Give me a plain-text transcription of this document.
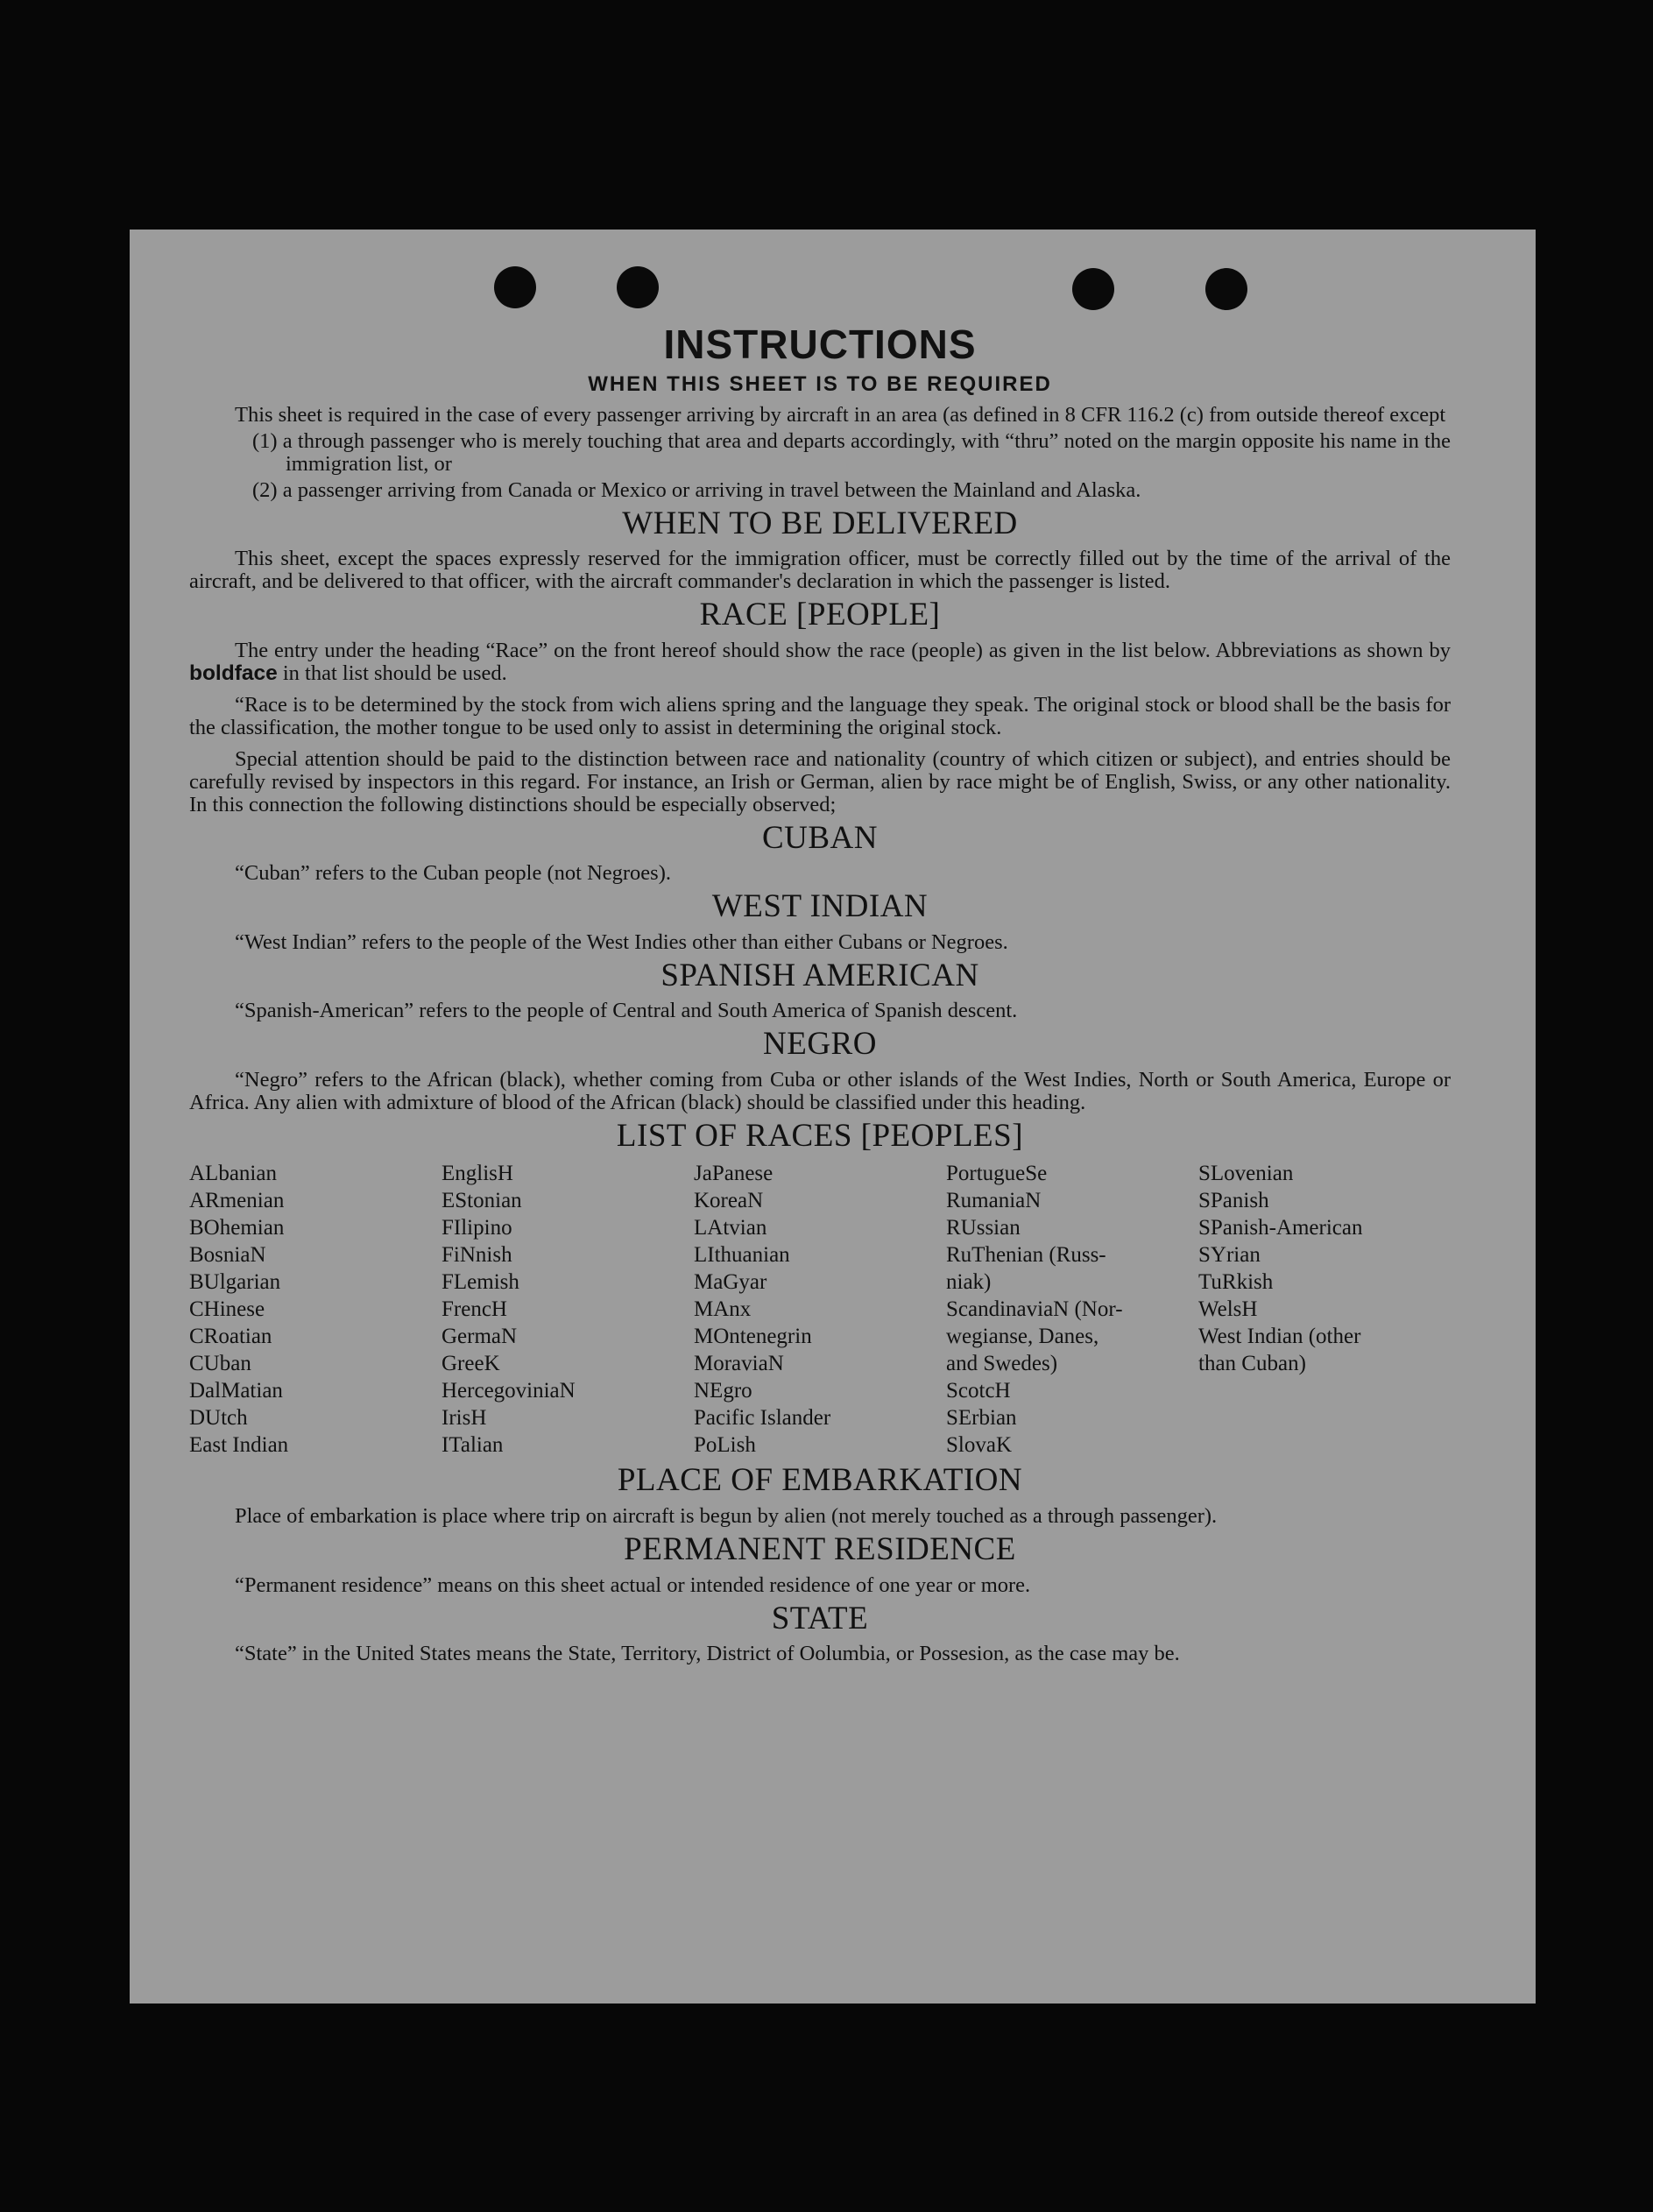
INSTRUCTIONS
WHEN THIS SHEET IS TO BE REQUIRED

This sheet is required in the case of every passenger arriving by aircraft in an area (as defined in 8 CFR 116.2 (c) from outside thereof except

(1) a through passenger who is merely touching that area and departs accordingly, with “thru” noted on the margin opposite his name in the immigration list, or
(2) a passenger arriving from Canada or Mexico or arriving in travel between the Mainland and Alaska.
WHEN TO BE DELIVERED

This sheet, except the spaces expressly reserved for the immigration officer, must be correctly filled out by the time of the arrival of the aircraft, and be delivered to that officer, with the aircraft commander's declaration in which the passenger is listed.

RACE [PEOPLE]

The entry under the heading “Race” on the front hereof should show the race (people) as given in the list below. Abbreviations as shown by boldface in that list should be used.

“Race is to be determined by the stock from wich aliens spring and the language they speak. The original stock or blood shall be the basis for the classification, the mother tongue to be used only to assist in determining the original stock.

Special attention should be paid to the distinction between race and nationality (country of which citizen or subject), and entries should be carefully revised by inspectors in this regard. For instance, an Irish or German, alien by race might be of English, Swiss, or any other nationality. In this connection the following distinctions should be especially observed;

CUBAN

“Cuban” refers to the Cuban people (not Negroes).

WEST INDIAN

“West Indian” refers to the people of the West Indies other than either Cubans or Negroes.

SPANISH AMERICAN

“Spanish-American” refers to the people of Central and South America of Spanish descent.

NEGRO

“Negro” refers to the African (black), whether coming from Cuba or other islands of the West Indies, North or South America, Europe or Africa. Any alien with admixture of blood of the African (black) should be classified under this heading.

LIST OF RACES [PEOPLES]
ALbanian
ARmenian
BOhemian
BosniaN
BUlgarian
CHinese
CRoatian
CUban
DalMatian
DUtch
East Indian
EnglisH
EStonian
FIlipino
FiNnish
FLemish
FrencH
GermaN
GreeK
HercegoviniaN
IrisH
ITalian
JaPanese
KoreaN
LAtvian
LIthuanian
MaGyar
MAnx
MOntenegrin
MoraviaN
NEgro
Pacific Islander
PoLish
PortugueSe
RumaniaN
RUssian
RuThenian (Russ-
niak)
ScandinaviaN (Nor-
wegianse, Danes,
and Swedes)
ScotcH
SErbian
SlovaK
SLovenian
SPanish
SPanish-American
SYrian
TuRkish
WelsH
West Indian (other
than Cuban)
PLACE OF EMBARKATION

Place of embarkation is place where trip on aircraft is begun by alien (not merely touched as a through passenger).

PERMANENT RESIDENCE

“Permanent residence” means on this sheet actual or intended residence of one year or more.

STATE

“State” in the United States means the State, Territory, District of Oolumbia, or Possesion, as the case may be.
